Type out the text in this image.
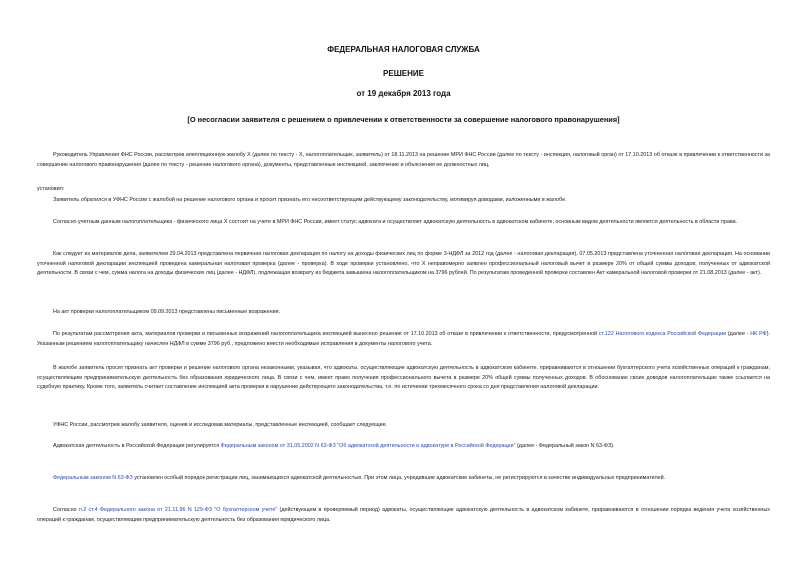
ФЕДЕРАЛЬНАЯ НАЛОГОВАЯ СЛУЖБА
РЕШЕНИЕ
от 19 декабря 2013 года
[О несогласии заявителя с решением о привлечении к ответственности за совершение налогового правонарушения]
Руководитель Управления ФНС России, рассмотрев апелляционную жалобу Х (далее по тексту - Х, налогоплательщик, заявитель) от 18.11.2013 на решение МРИ ФНС России (далее по тексту - инспекция, налоговый орган) от 17.10.2013 об отказе в привлечении к ответственности за совершение налогового правонарушения (далее по тексту - решение налогового органа), документы, представленные инспекцией, заключение и объяснения ее должностных лиц,
установил:
Заявитель обратился в УФНС России с жалобой на решение налогового органа и просит признать его несоответствующим действующему законодательству, мотивируя доводами, изложенными в жалобе.
Согласно учетным данным налогоплательщика - физического лица Х состоит на учете в МРИ ФНС России, имеет статус адвоката и осуществляет адвокатскую деятельность в адвокатском кабинете, основным видом деятельности является деятельность в области права.
Как следует из материалов дела, заявителем 29.04.2013 представлена первичная налоговая декларация по налогу на доходы физических лиц по форме 3-НДФЛ за 2012 год (далее - налоговая декларация), 07.05.2013 представлена уточненная налоговая декларация. На основании уточненной налоговой декларации инспекцией проведена камеральная налоговая проверка (далее - проверка). В ходе проверки установлено, что Х неправомерно заявлен профессиональный налоговый вычет в размере 20% от общей суммы доходов, полученных от адвокатской деятельности. В связи с чем, сумма налога на доходы физических лиц (далее - НДФЛ), подлежащая возврату из бюджета завышена налогоплательщиком на 3796 рублей. По результатам проведенной проверки составлен Акт камеральной налоговой проверки от 21.08.2013 (далее - акт).
На акт проверки налогоплательщиком 09.09.2013 представлены письменные возражения.
По результатам рассмотрения акта, материалов проверки и письменных возражений налогоплательщика инспекцией вынесено решение от 17.10.2013 об отказе в привлечении к ответственности, предусмотренной ст.122 Налогового кодекса Российской Федерации (далее - НК РФ). Указанным решением налогоплательщику начислен НДФЛ в сумме 3796 руб., предложено внести необходимые исправления в документы налогового учета.
В жалобе заявитель просит признать акт проверки и решение налогового органа незаконными, указывая, что адвокаты, осуществляющие адвокатскую деятельность в адвокатском кабинете, приравниваются в отношении бухгалтерского учета хозяйственных операций к гражданам, осуществляющим предпринимательскую деятельность без образования юридического лица. В связи с чем, имеет право получения профессионального вычета в размере 20% общей суммы полученных доходов. В обоснование своих доводов налогоплательщик также ссылается на судебную практику. Кроме того, заявитель считает составление инспекцией акта проверки в нарушение действующего законодательства, т.е. по истечении трехмесячного срока со дня представления налоговой декларации.
УФНС России, рассмотрев жалобу заявителя, оценив и исследовав материалы, представленные инспекцией, сообщает следующее.
Адвокатская деятельность в Российской Федерации регулируется Федеральным законом от 31.05.2002 N 63-ФЗ "Об адвокатской деятельности и адвокатуре в Российской Федерации" (далее - Федеральный закон N 63-ФЗ).
Федеральным законом N 63-ФЗ установлен особый порядок регистрации лиц, занимающихся адвокатской деятельностью. При этом лица, учредившие адвокатские кабинеты, не регистрируются в качестве индивидуальных предпринимателей.
Согласно п.2 ст.4 Федерального закона от 21.11.96 N 129-ФЗ "О бухгалтерском учете" (действующем в проверяемый период) адвокаты, осуществляющие адвокатскую деятельность в адвокатском кабинете, приравниваются в отношении порядка ведения учета хозяйственных операций к гражданам, осуществляющим предпринимательскую деятельность без образования юридического лица.
